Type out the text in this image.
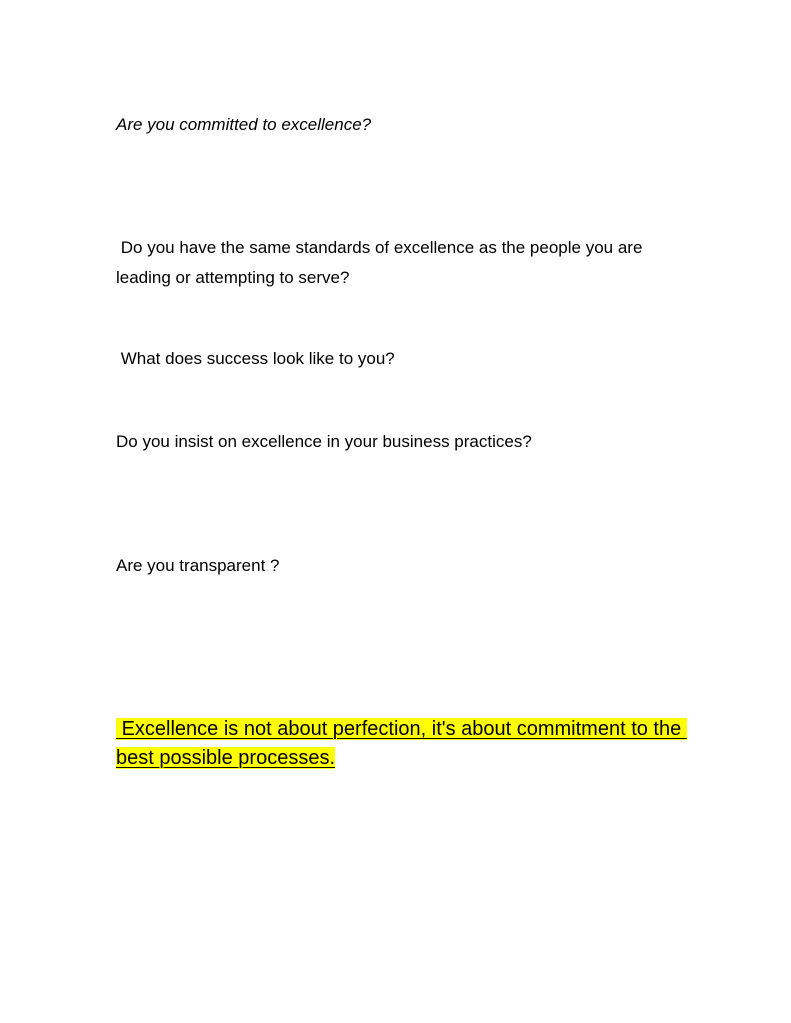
Are you committed to excellence?

Do you have the same standards of excellence as the people you are leading or attempting to serve?

What does success look like to you?

Do you insist on excellence in your business practices?

Are you transparent ?

Excellence is not about perfection, it's about commitment to the best possible processes.
